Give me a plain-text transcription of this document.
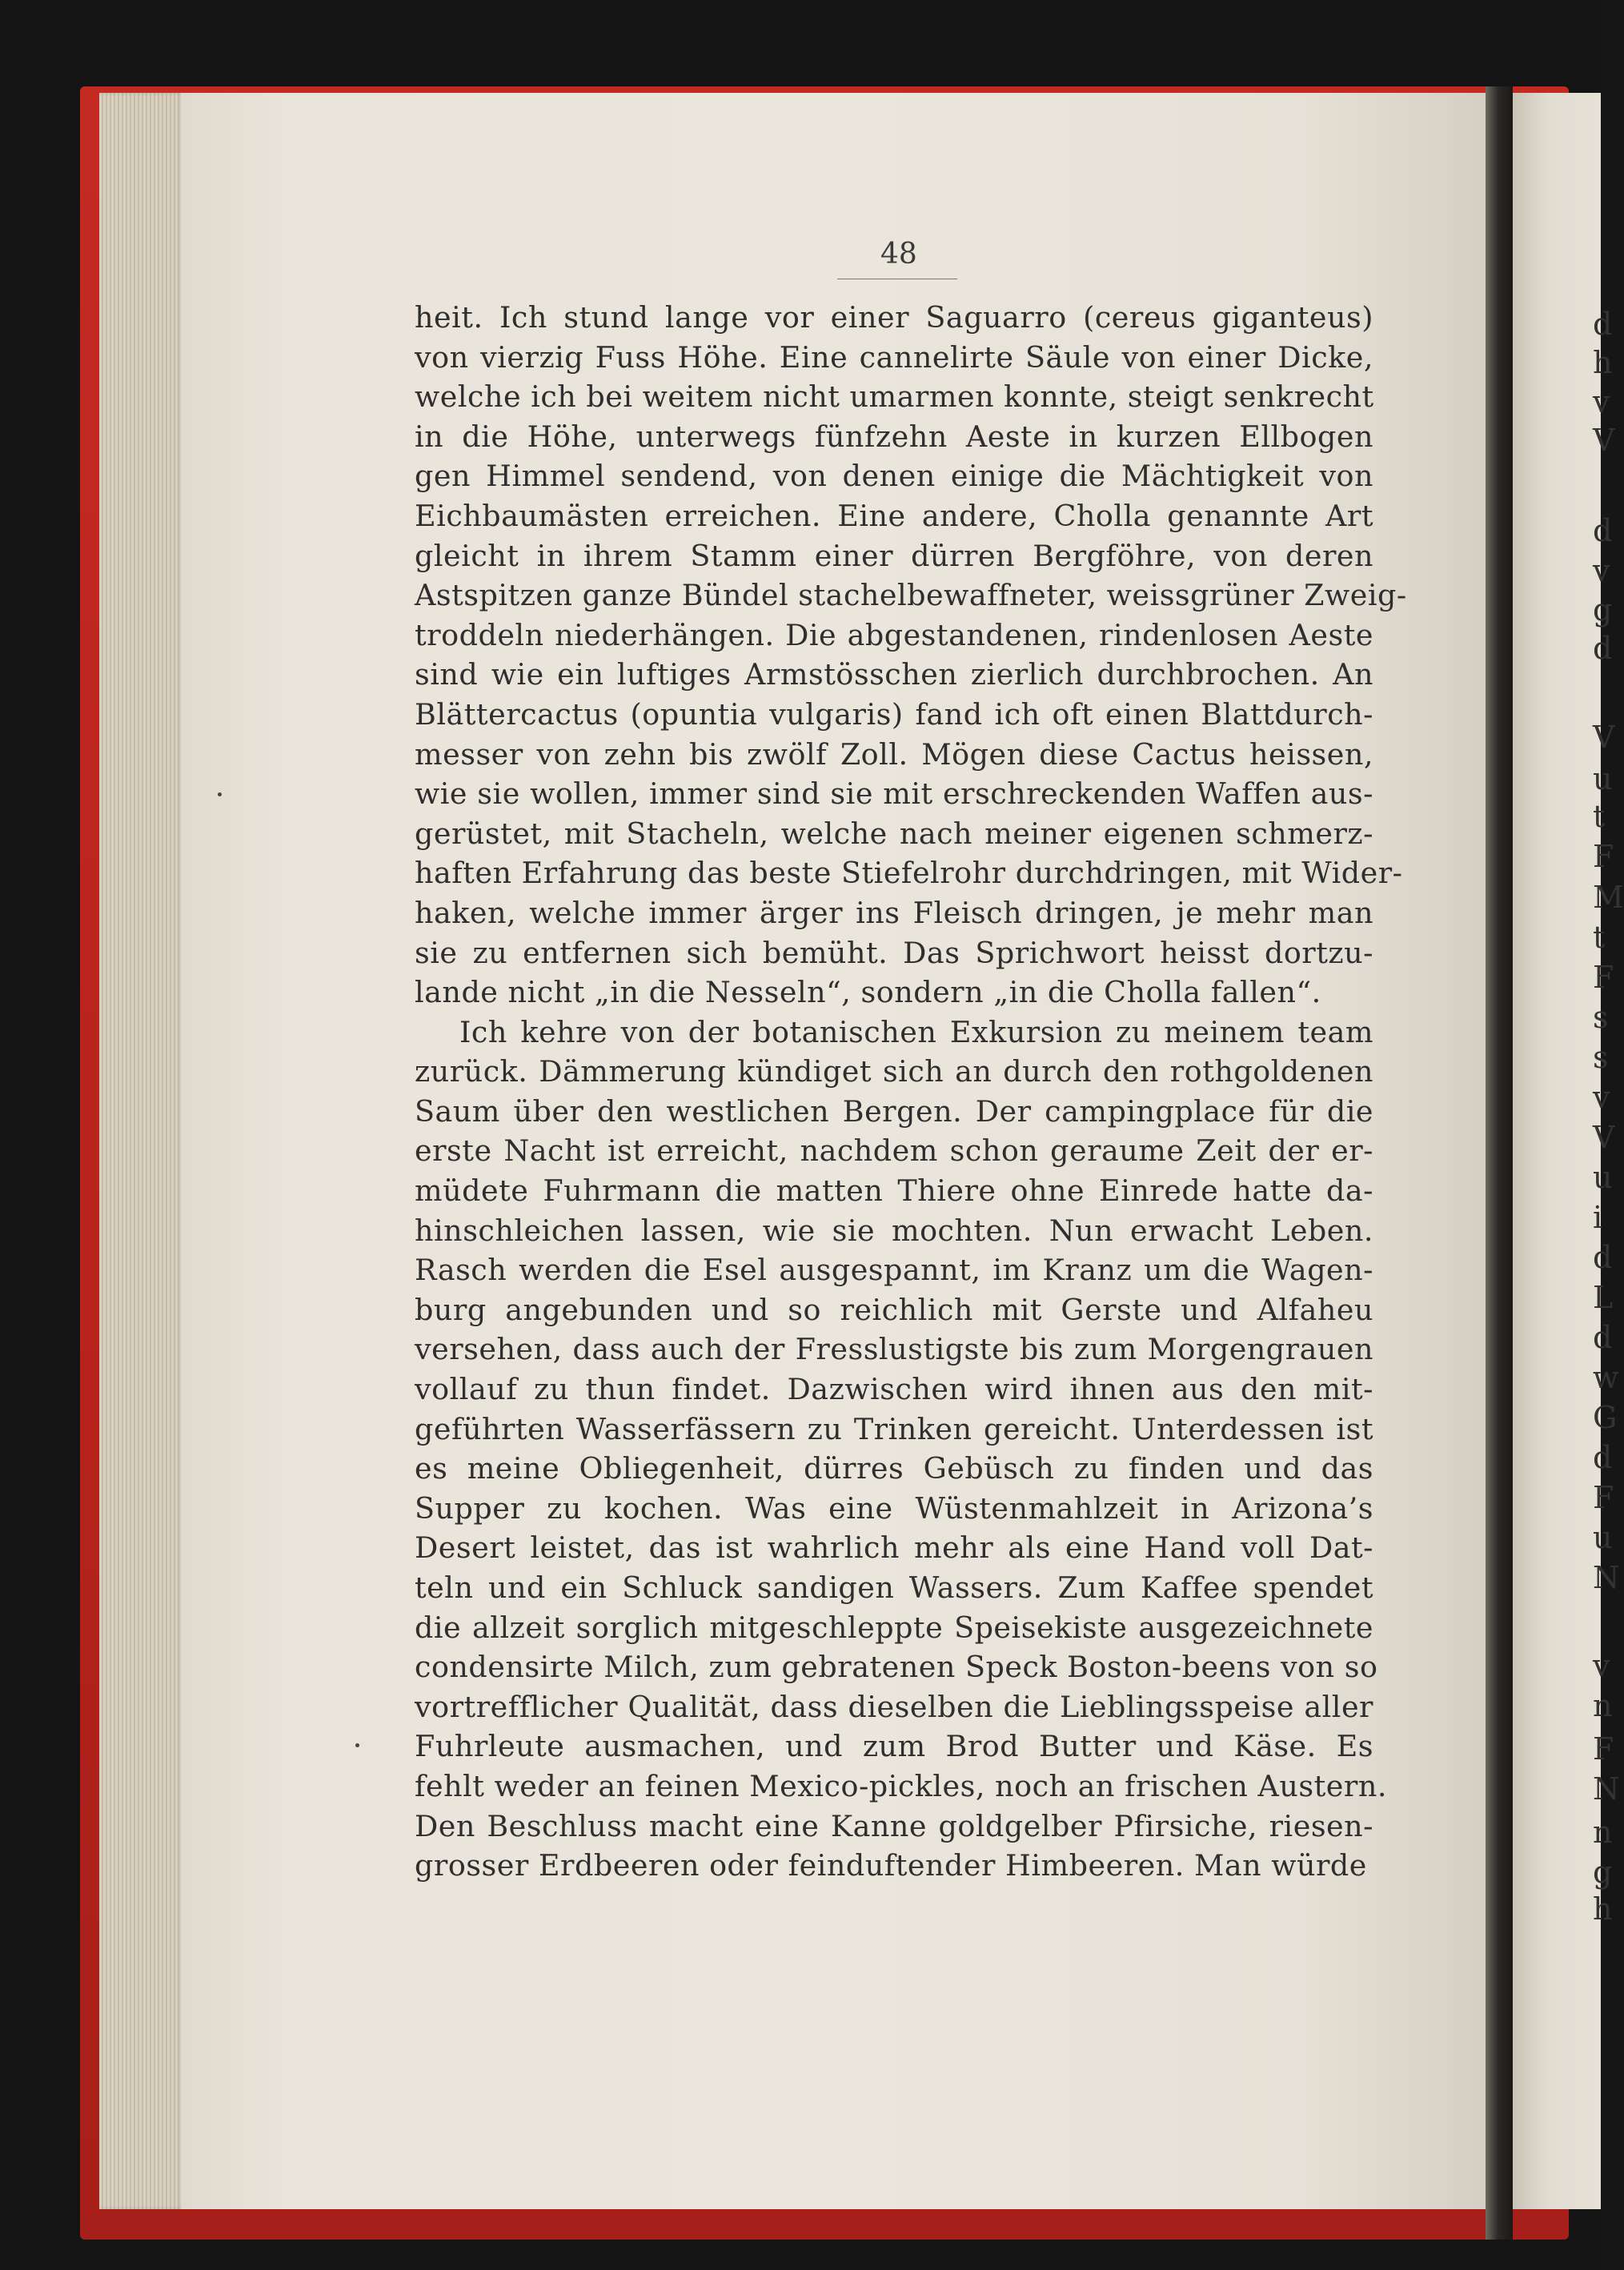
48
heit. Ich stund lange vor einer Saguarro (cereus giganteus)
von vierzig Fuss Höhe. Eine cannelirte Säule von einer Dicke,
welche ich bei weitem nicht umarmen konnte, steigt senkrecht
in die Höhe, unterwegs fünfzehn Aeste in kurzen Ellbogen
gen Himmel sendend, von denen einige die Mächtigkeit von
Eichbaumästen erreichen. Eine andere, Cholla genannte Art
gleicht in ihrem Stamm einer dürren Bergföhre, von deren
Astspitzen ganze Bündel stachelbewaffneter, weissgrüner Zweig-
troddeln niederhängen. Die abgestandenen, rindenlosen Aeste
sind wie ein luftiges Armstösschen zierlich durchbrochen. An
Blättercactus (opuntia vulgaris) fand ich oft einen Blattdurch-
messer von zehn bis zwölf Zoll. Mögen diese Cactus heissen,
wie sie wollen, immer sind sie mit erschreckenden Waffen aus-
gerüstet, mit Stacheln, welche nach meiner eigenen schmerz-
haften Erfahrung das beste Stiefelrohr durchdringen, mit Wider-
haken, welche immer ärger ins Fleisch dringen, je mehr man
sie zu entfernen sich bemüht. Das Sprichwort heisst dortzu-
lande nicht „in die Nesseln“, sondern „in die Cholla fallen“.
Ich kehre von der botanischen Exkursion zu meinem team
zurück. Dämmerung kündiget sich an durch den rothgoldenen
Saum über den westlichen Bergen. Der campingplace für die
erste Nacht ist erreicht, nachdem schon geraume Zeit der er-
müdete Fuhrmann die matten Thiere ohne Einrede hatte da-
hinschleichen lassen, wie sie mochten. Nun erwacht Leben.
Rasch werden die Esel ausgespannt, im Kranz um die Wagen-
burg angebunden und so reichlich mit Gerste und Alfaheu
versehen, dass auch der Fresslustigste bis zum Morgengrauen
vollauf zu thun findet. Dazwischen wird ihnen aus den mit-
geführten Wasserfässern zu Trinken gereicht. Unterdessen ist
es meine Obliegenheit, dürres Gebüsch zu finden und das
Supper zu kochen. Was eine Wüstenmahlzeit in Arizona’s
Desert leistet, das ist wahrlich mehr als eine Hand voll Dat-
teln und ein Schluck sandigen Wassers. Zum Kaffee spendet
die allzeit sorglich mitgeschleppte Speisekiste ausgezeichnete
condensirte Milch, zum gebratenen Speck Boston-beens von so
vortrefflicher Qualität, dass dieselben die Lieblingsspeise aller
Fuhrleute ausmachen, und zum Brod Butter und Käse. Es
fehlt weder an feinen Mexico-pickles, noch an frischen Austern.
Den Beschluss macht eine Kanne goldgelber Pfirsiche, riesen-
grosser Erdbeeren oder feinduftender Himbeeren. Man würde
d
h
v
V
d
v
g
d
V
u
t
F
M
t
F
s
s
v
V
u
i
d
L
d
w
G
d
F
u
N
v
n
F
N
n
g
h
